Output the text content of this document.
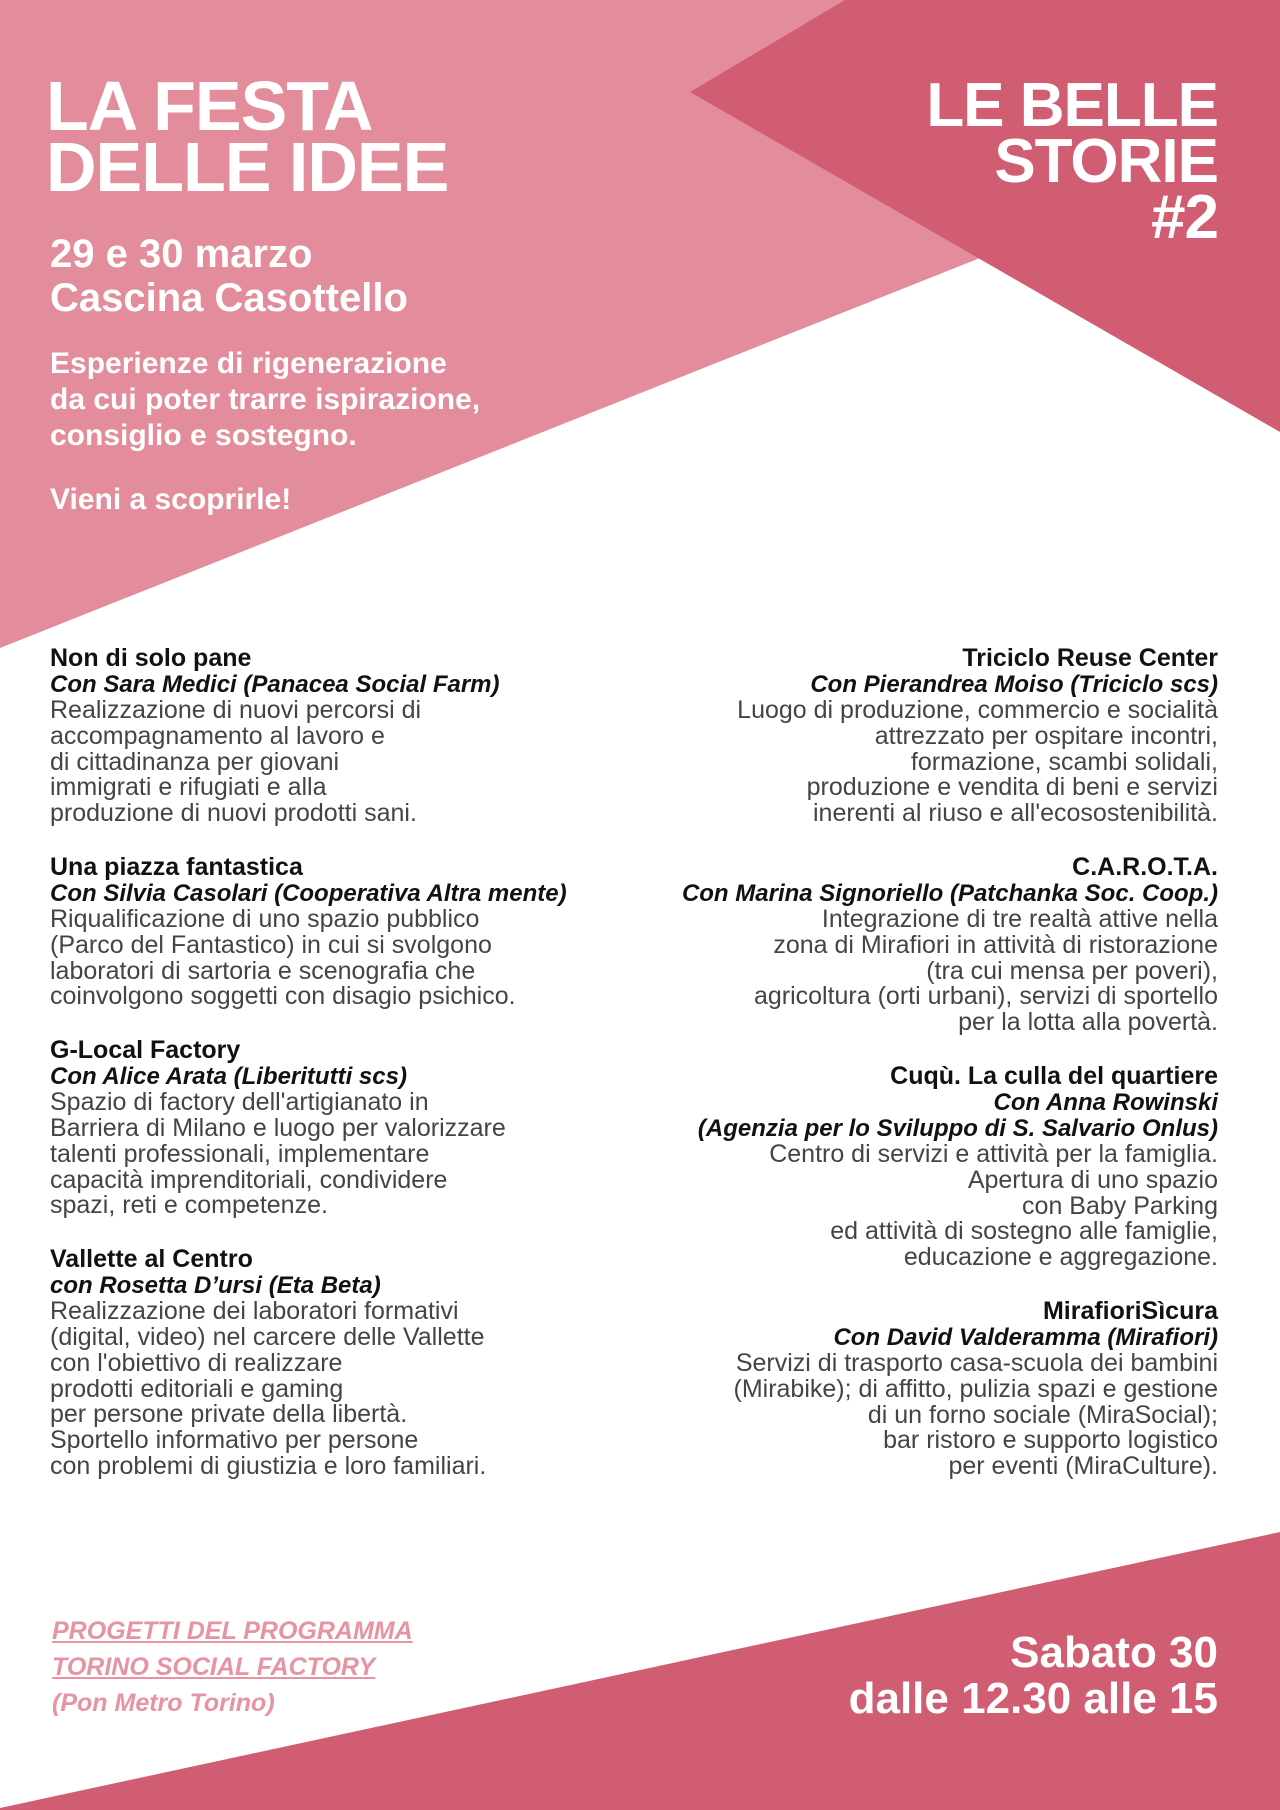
LA FESTA
DELLE IDEE
LE BELLE
STORIE
#2
29 e 30 marzo
Cascina Casottello
Esperienze di rigenerazione
da cui poter trarre ispirazione,
consiglio e sostegno.
Vieni a scoprirle!
Non di solo pane
Con Sara Medici (Panacea Social Farm)
Realizzazione di nuovi percorsi di
accompagnamento al lavoro e
di cittadinanza per giovani
immigrati e rifugiati e alla
produzione di nuovi prodotti sani.
Una piazza fantastica
Con Silvia Casolari (Cooperativa Altra mente)
Riqualificazione di uno spazio pubblico
(Parco del Fantastico) in cui si svolgono
laboratori di sartoria e scenografia che
coinvolgono soggetti con disagio psichico.
G-Local Factory
Con Alice Arata (Liberitutti scs)
Spazio di factory dell'artigianato in
Barriera di Milano e luogo per valorizzare
talenti professionali, implementare
capacità imprenditoriali, condividere
spazi, reti e competenze.
Vallette al Centro
con Rosetta D’ursi (Eta Beta)
Realizzazione dei laboratori formativi
(digital, video) nel carcere delle Vallette
con l'obiettivo di realizzare
prodotti editoriali e gaming
per persone private della libertà.
Sportello informativo per persone
con problemi di giustizia e loro familiari.
Triciclo Reuse Center
Con Pierandrea Moiso (Triciclo scs)
Luogo di produzione, commercio e socialità
attrezzato per ospitare incontri,
formazione, scambi solidali,
produzione e vendita di beni e servizi
inerenti al riuso e all'ecosostenibilità.
C.A.R.O.T.A.
Con Marina Signoriello (Patchanka Soc. Coop.)
Integrazione di tre realtà attive nella
zona di Mirafiori in attività di ristorazione
(tra cui mensa per poveri),
agricoltura (orti urbani), servizi di sportello
per la lotta alla povertà.
Cuqù. La culla del quartiere
Con Anna Rowinski
(Agenzia per lo Sviluppo di S. Salvario Onlus)
Centro di servizi e attività per la famiglia.
Apertura di uno spazio
con Baby Parking
ed attività di sostegno alle famiglie,
educazione e aggregazione.
MirafioriSìcura
Con David Valderamma (Mirafiori)
Servizi di trasporto casa-scuola dei bambini
(Mirabike); di affitto, pulizia spazi e gestione
di un forno sociale (MiraSocial);
bar ristoro e supporto logistico
per eventi (MiraCulture).
PROGETTI DEL PROGRAMMA
TORINO SOCIAL FACTORY
(Pon Metro Torino)
Sabato 30
dalle 12.30 alle 15
